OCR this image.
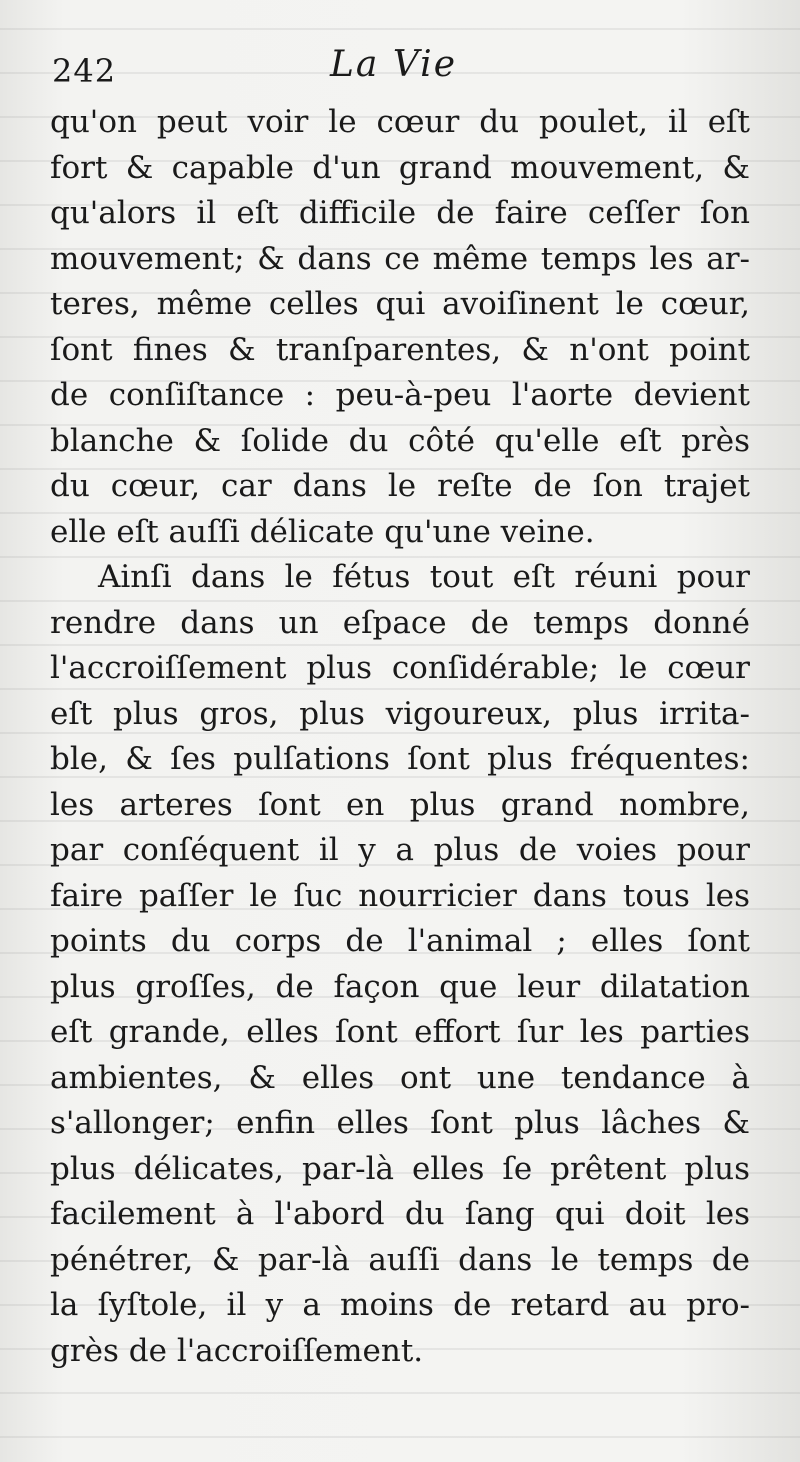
242	La Vie
qu'on peut voir le cœur du poulet, il eſt
fort & capable d'un grand mouvement, &
qu'alors il eſt difficile de faire ceſſer ſon
mouvement; & dans ce même temps les ar-
teres, même celles qui avoiſinent le cœur,
ſont fines & tranſparentes, & n'ont point
de conſiſtance : peu-à-peu l'aorte devient
blanche & ſolide du côté qu'elle eſt près
du cœur, car dans le reſte de ſon trajet
elle eſt auſſi délicate qu'une veine.
Ainſi dans le fétus tout eſt réuni pour
rendre dans un eſpace de temps donné
l'accroiſſement plus conſidérable; le cœur
eſt plus gros, plus vigoureux, plus irrita-
ble, & ſes pulſations ſont plus fréquentes:
les arteres ſont en plus grand nombre,
par conſéquent il y a plus de voies pour
faire paſſer le ſuc nourricier dans tous les
points du corps de l'animal ; elles ſont
plus groſſes, de façon que leur dilatation
eſt grande, elles ſont effort ſur les parties
ambientes, & elles ont une tendance à
s'allonger; enfin elles ſont plus lâches &
plus délicates, par-là elles ſe prêtent plus
facilement à l'abord du ſang qui doit les
pénétrer, & par-là auſſi dans le temps de
la ſyſtole, il y a moins de retard au pro-
grès de l'accroiſſement.
